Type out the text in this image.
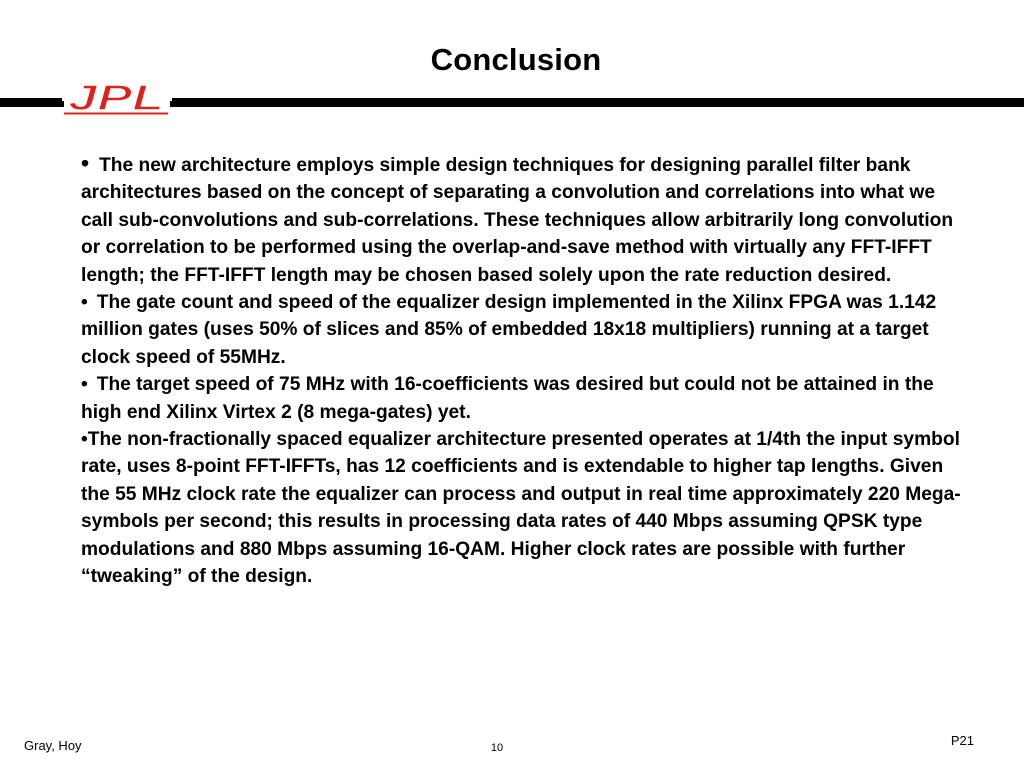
Conclusion
JPL

• The new architecture employs simple design techniques for designing parallel filter bank architectures based on the concept of separating a convolution and correlations into what we call sub-convolutions and sub-correlations. These techniques allow arbitrarily long convolution or correlation to be performed using the overlap-and-save method with virtually any FFT-IFFT length; the FFT-IFFT length may be chosen based solely upon the rate reduction desired.

• The gate count and speed of the equalizer design implemented in the Xilinx FPGA was 1.142 million gates (uses 50% of slices and 85% of embedded 18x18 multipliers) running at a target clock speed of 55MHz.

• The target speed of 75 MHz with 16-coefficients was desired but could not be attained in the high end Xilinx Virtex 2 (8 mega-gates) yet.

•The non-fractionally spaced equalizer architecture presented operates at 1/4th the input symbol rate, uses 8-point FFT-IFFTs, has 12 coefficients and is extendable to higher tap lengths. Given the 55 MHz clock rate the equalizer can process and output in real time approximately 220 Mega-symbols per second; this results in processing data rates of 440 Mbps assuming QPSK type modulations and 880 Mbps assuming 16-QAM. Higher clock rates are possible with further “tweaking” of the design.

Gray, Hoy	10	P21
